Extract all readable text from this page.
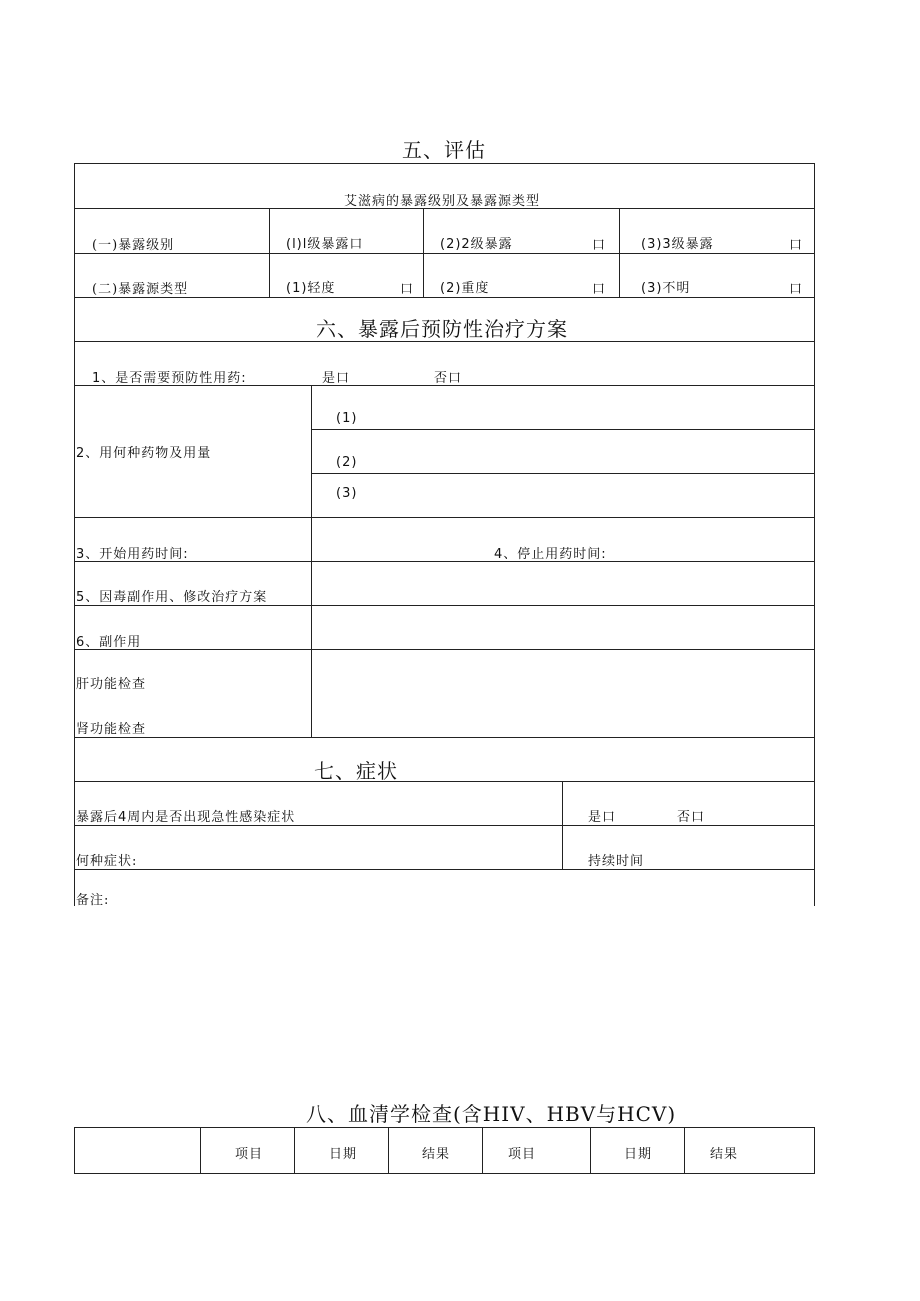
五、评估
艾滋病的暴露级别及暴露源类型
(一)暴露级别	(l)l级暴露口	(2)2级暴露	口	(3)3级暴露	口
(二)暴露源类型	(1)轻度	口 (2)重度	口	(3)不明	口
六、暴露后预防性治疗方案
1、是否需要预防性用药:	是口	否口
2、用何种药物及用量
(1)
(2)
(3)
3、开始用药时间:	4、停止用药时间:
5、因毒副作用、修改治疗方案
6、副作用
肝功能检查
肾功能检查
七、症状
暴露后4周内是否出现急性感染症状	是口	否口
何种症状:	持续时间
备注:
八、血清学检查(含HIV、HBV与HCV)
项目	日期	结果	项目	日期	结果
